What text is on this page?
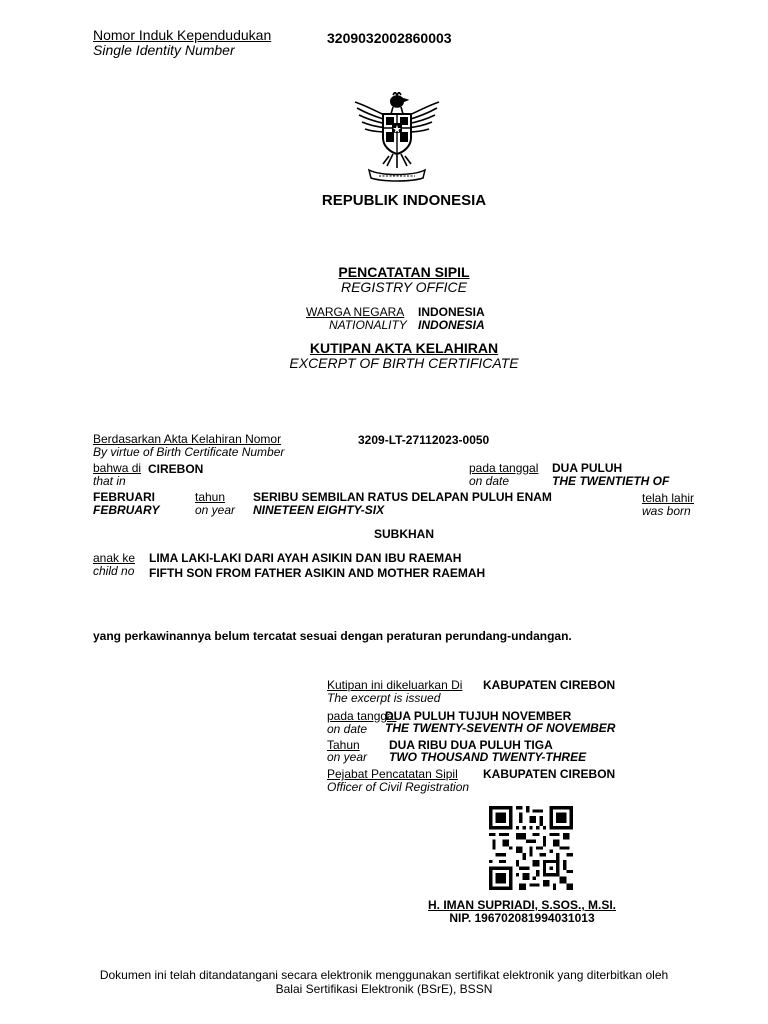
Nomor Induk Kependudukan
Single Identity Number
3209032002860003
REPUBLIK INDONESIA
PENCATATAN SIPIL
REGISTRY OFFICE
WARGA NEGARA INDONESIA
NATIONALITY INDONESIA
KUTIPAN AKTA KELAHIRAN
EXCERPT OF BIRTH CERTIFICATE
Berdasarkan Akta Kelahiran Nomor
By virtue of Birth Certificate Number
3209-LT-27112023-0050
bahwa di CIREBON
that in
pada tanggal DUA PULUH
on date	THE TWENTIETH OF
FEBRUARI
FEBRUARY
tahun
on year
SERIBU SEMBILAN RATUS DELAPAN PULUH ENAM
NINETEEN EIGHTY-SIX
telah lahir
was born
SUBKHAN
anak ke
child no
LIMA LAKI-LAKI DARI AYAH ASIKIN DAN IBU RAEMAH
FIFTH SON FROM FATHER ASIKIN AND MOTHER RAEMAH
yang perkawinannya belum tercatat sesuai dengan peraturan perundang-undangan.
Kutipan ini dikeluarkan Di
The excerpt is issued
KABUPATEN CIREBON
pada tanggal
on date
DUA PULUH TUJUH NOVEMBER
THE TWENTY-SEVENTH OF NOVEMBER
Tahun
on year
DUA RIBU DUA PULUH TIGA
TWO THOUSAND TWENTY-THREE
Pejabat Pencatatan Sipil
Officer of Civil Registration
KABUPATEN CIREBON
H. IMAN SUPRIADI, S.SOS., M.SI.
NIP. 196702081994031013
Dokumen ini telah ditandatangani secara elektronik menggunakan sertifikat elektronik yang diterbitkan oleh
Balai Sertifikasi Elektronik (BSrE), BSSN
